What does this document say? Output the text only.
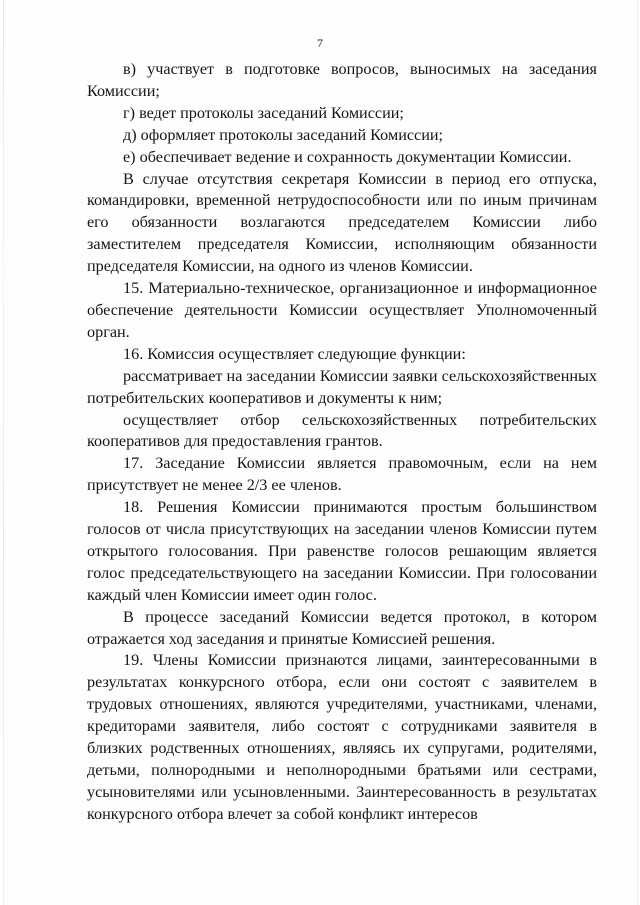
7

в) участвует в подготовке вопросов, выносимых на заседания Комиссии;

г) ведет протоколы заседаний Комиссии;

д) оформляет протоколы заседаний Комиссии;

е) обеспечивает ведение и сохранность документации Комиссии.

В случае отсутствия секретаря Комиссии в период его отпуска, командировки, временной нетрудоспособности или по иным причинам его обязанности возлагаются председателем Комиссии либо заместителем председателя Комиссии, исполняющим обязанности председателя Комиссии, на одного из членов Комиссии.

15. Материально-техническое, организационное и информационное обеспечение деятельности Комиссии осуществляет Уполномоченный орган.

16. Комиссия осуществляет следующие функции:

рассматривает на заседании Комиссии заявки сельскохозяйственных потребительских кооперативов и документы к ним;

осуществляет отбор сельскохозяйственных потребительских кооперативов для предоставления грантов.

17. Заседание Комиссии является правомочным, если на нем присутствует не менее 2/3 ее членов.

18. Решения Комиссии принимаются простым большинством голосов от числа присутствующих на заседании членов Комиссии путем открытого голосования. При равенстве голосов решающим является голос председательствующего на заседании Комиссии. При голосовании каждый член Комиссии имеет один голос.

В процессе заседаний Комиссии ведется протокол, в котором отражается ход заседания и принятые Комиссией решения.

19. Члены Комиссии признаются лицами, заинтересованными в результатах конкурсного отбора, если они состоят с заявителем в трудовых отношениях, являются учредителями, участниками, членами, кредиторами заявителя, либо состоят с сотрудниками заявителя в близких родственных отношениях, являясь их супругами, родителями, детьми, полнородными и неполнородными братьями или сестрами, усыновителями или усыновленными. Заинтересованность в результатах конкурсного отбора влечет за собой конфликт интересов
